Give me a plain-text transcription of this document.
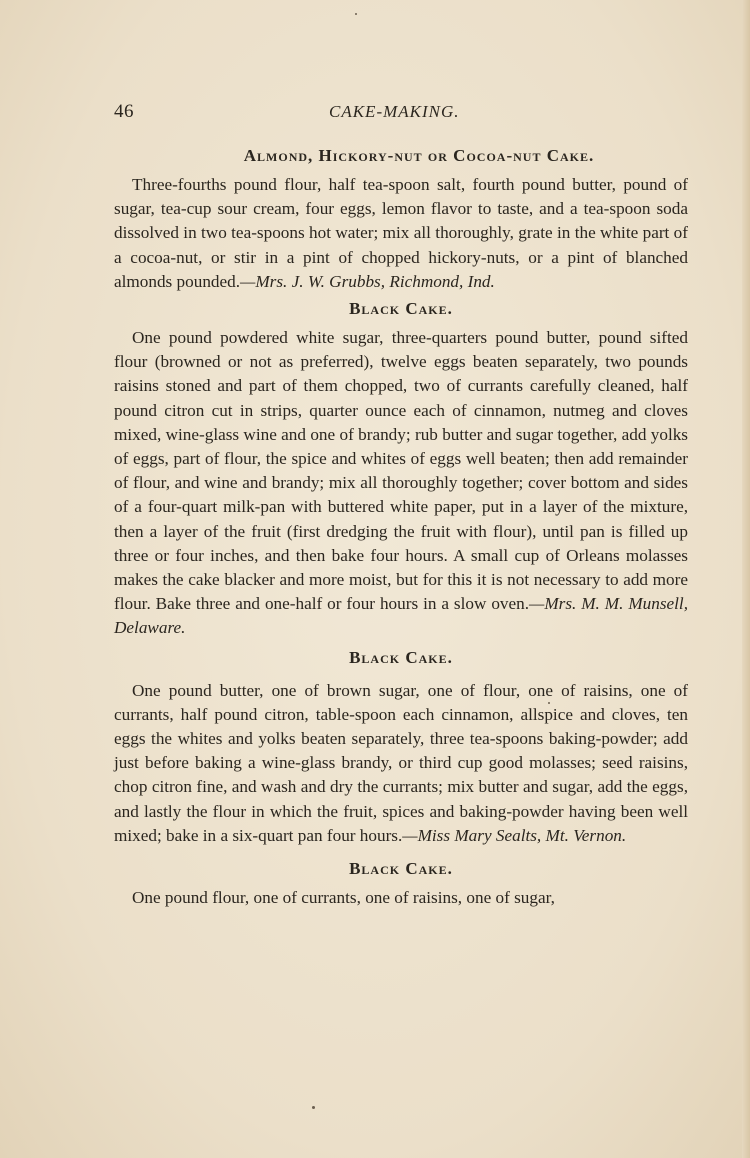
46	CAKE-MAKING.
Almond, Hickory-nut or Cocoa-nut Cake.

Three-fourths pound flour, half tea-spoon salt, fourth pound butter, pound of sugar, tea-cup sour cream, four eggs, lemon flavor to taste, and a tea-spoon soda dissolved in two tea-spoons hot water; mix all thoroughly, grate in the white part of a cocoa-nut, or stir in a pint of chopped hickory-nuts, or a pint of blanched almonds pounded.—Mrs. J. W. Grubbs, Richmond, Ind.

Black Cake.

One pound powdered white sugar, three-quarters pound butter, pound sifted flour (browned or not as preferred), twelve eggs beaten separately, two pounds raisins stoned and part of them chopped, two of currants carefully cleaned, half pound citron cut in strips, quarter ounce each of cinnamon, nutmeg and cloves mixed, wine-glass wine and one of brandy; rub butter and sugar together, add yolks of eggs, part of flour, the spice and whites of eggs well beaten; then add remainder of flour, and wine and brandy; mix all thoroughly together; cover bottom and sides of a four-quart milk-pan with buttered white paper, put in a layer of the mixture, then a layer of the fruit (first dredging the fruit with flour), until pan is filled up three or four inches, and then bake four hours. A small cup of Orleans molasses makes the cake blacker and more moist, but for this it is not necessary to add more flour. Bake three and one-half or four hours in a slow oven.—Mrs. M. M. Munsell, Delaware.

Black Cake.

One pound butter, one of brown sugar, one of flour, one of raisins, one of currants, half pound citron, table-spoon each cinnamon, allspice and cloves, ten eggs the whites and yolks beaten separately, three tea-spoons baking-powder; add just before baking a wine-glass brandy, or third cup good molasses; seed raisins, chop citron fine, and wash and dry the currants; mix butter and sugar, add the eggs, and lastly the flour in which the fruit, spices and baking-powder having been well mixed; bake in a six-quart pan four hours.—Miss Mary Sealts, Mt. Vernon.

Black Cake.

One pound flour, one of currants, one of raisins, one of sugar,
